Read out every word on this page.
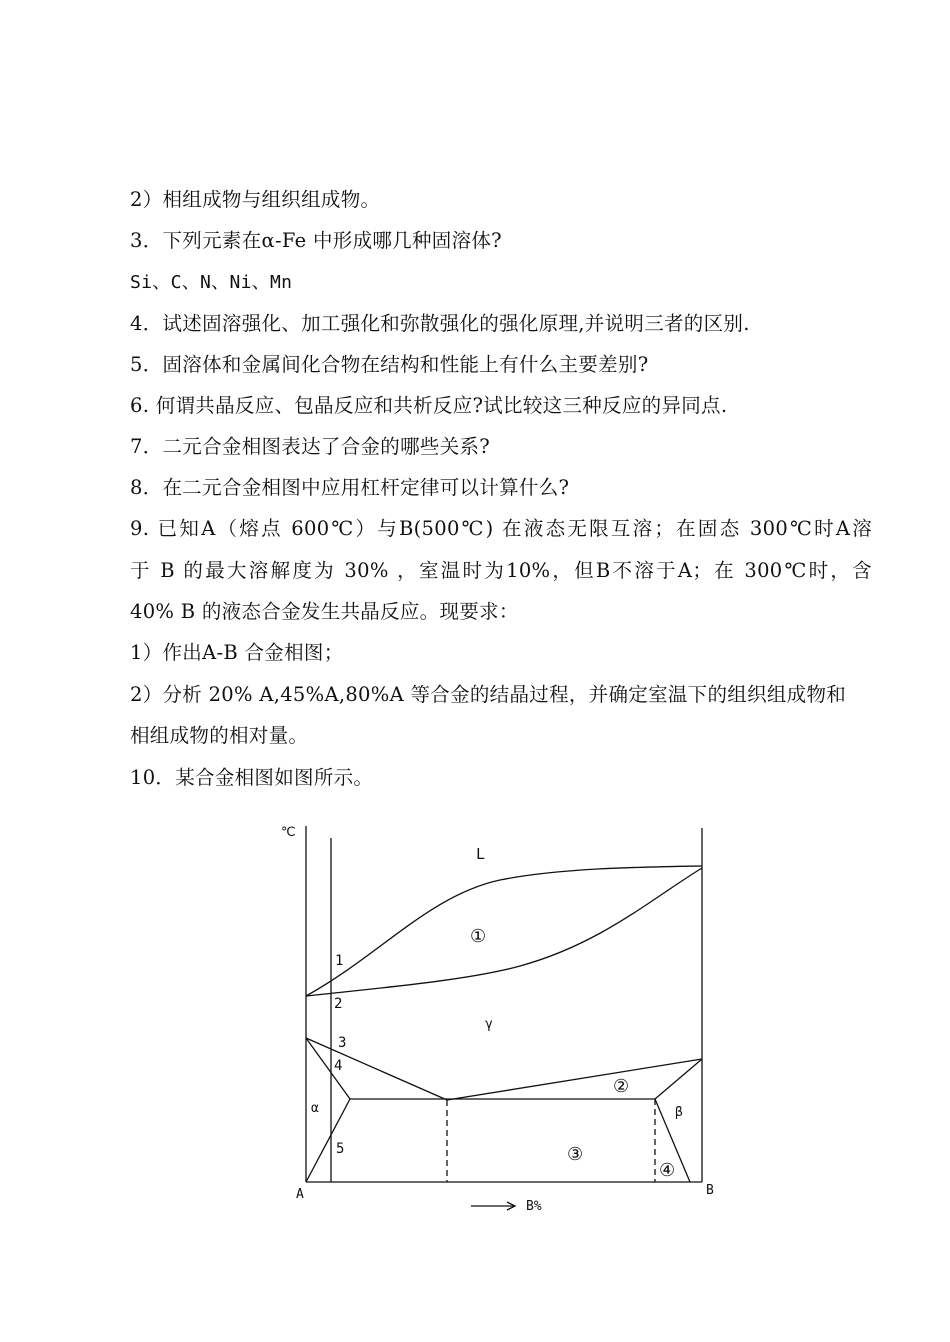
2）相组成物与组织组成物。
3．下列元素在α-Fe 中形成哪几种固溶体?
Si、C、N、Ni、Mn
4．试述固溶强化、加工强化和弥散强化的强化原理,并说明三者的区别.
5．固溶体和金属间化合物在结构和性能上有什么主要差别?
6. 何谓共晶反应、包晶反应和共析反应?试比较这三种反应的异同点.
7．二元合金相图表达了合金的哪些关系?
8．在二元合金相图中应用杠杆定律可以计算什么?
9. 已知A（熔点 600℃）与B(500℃) 在液态无限互溶；在固态 300℃时A溶
于 B 的最大溶解度为 30% ，室温时为10%，但B不溶于A；在 300℃时，含
40% B 的液态合金发生共晶反应。现要求：
1）作出A-B 合金相图；
2）分析 20% A,45%A,80%A 等合金的结晶过程，并确定室温下的组织组成物和
相组成物的相对量。
10．某合金相图如图所示。
℃
L
①
γ
②
α	β
③
④
1
2
3
4
5
A	B
B%
